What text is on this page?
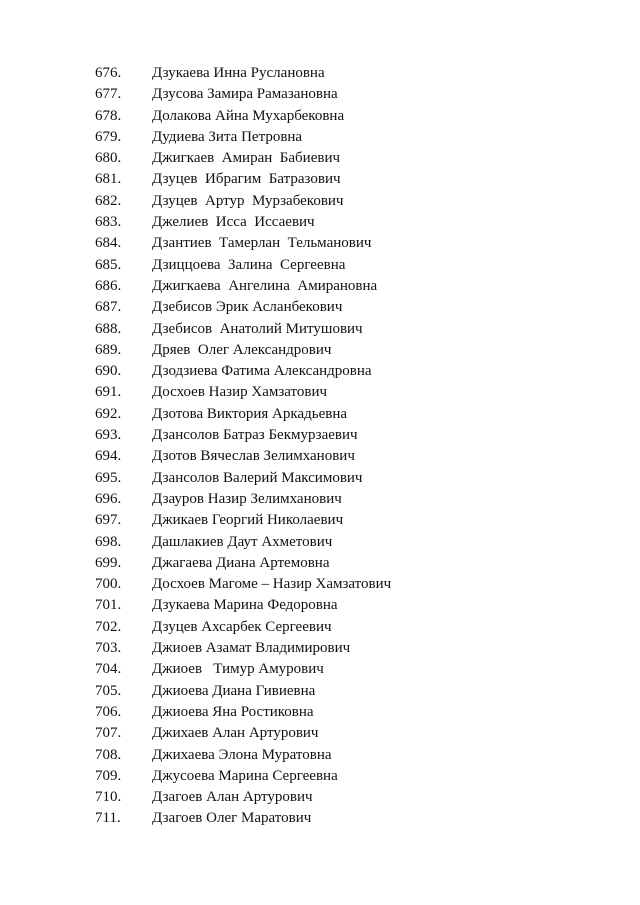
676. Дзукаева Инна Руслановна
677. Дзусова Замира Рамазановна
678. Долакова Айна Мухарбековна
679. Дудиева Зита Петровна
680. Джигкаев  Амиран  Бабиевич
681. Дзуцев  Ибрагим  Батразович
682. Дзуцев  Артур  Мурзабекович
683. Джелиев  Исса  Иссаевич
684. Дзантиев  Тамерлан  Тельманович
685. Дзиццоева  Залина  Сергеевна
686. Джигкаева  Ангелина  Амирановна
687. Дзебисов Эрик Асланбекович
688. Дзебисов  Анатолий Митушович
689. Дряев  Олег Александрович
690. Дзодзиева Фатима Александровна
691. Досхоев Назир Хамзатович
692. Дзотова Виктория Аркадьевна
693. Дзансолов Батраз Бекмурзаевич
694. Дзотов Вячеслав Зелимханович
695. Дзансолов Валерий Максимович
696. Дзауров Назир Зелимханович
697. Джикаев Георгий Николаевич
698. Дашлакиев Даут Ахметович
699. Джагаева Диана Артемовна
700. Досхоев Магоме – Назир Хамзатович
701. Дзукаева Марина Федоровна
702. Дзуцев Ахсарбек Сергеевич
703. Джиоев Азамат Владимирович
704. Джиоев   Тимур Амурович
705. Джиоева Диана Гивиевна
706. Джиоева Яна Ростиковна
707. Джихаев Алан Артурович
708. Джихаева Элона Муратовна
709. Джусоева Марина Сергеевна
710. Дзагоев Алан Артурович
711. Дзагоев Олег Маратович
